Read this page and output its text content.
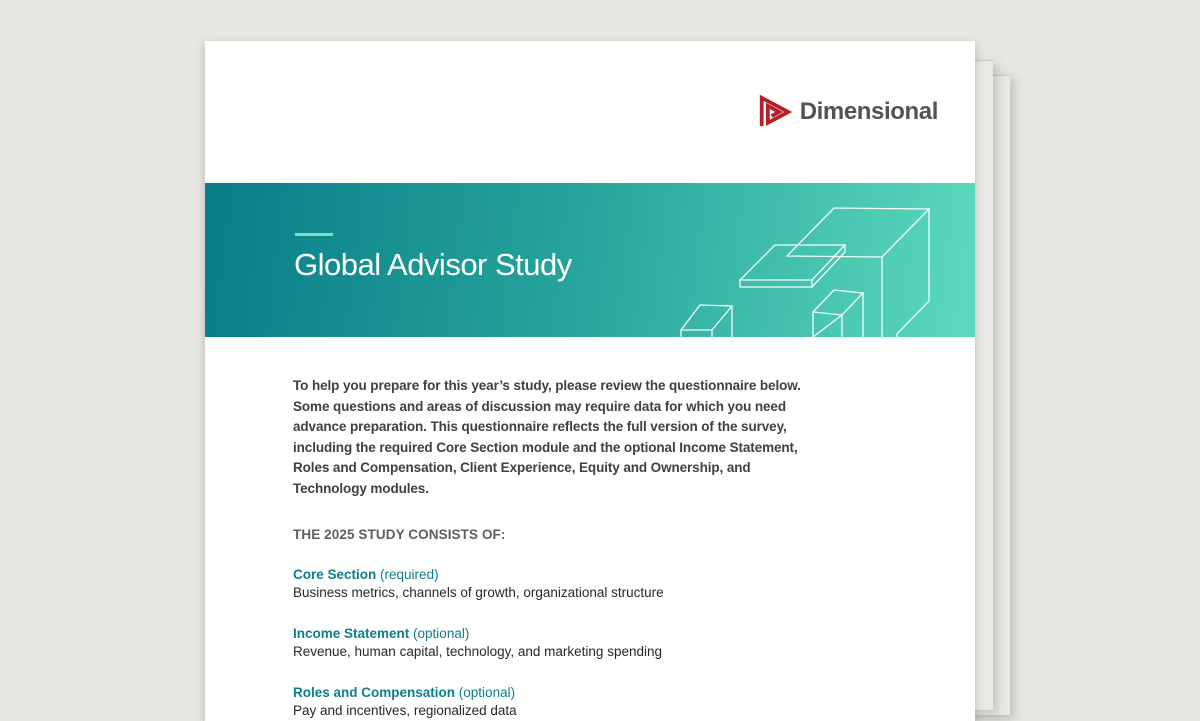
Dimensional
Global Advisor Study

To help you prepare for this year’s study, please review the questionnaire below. Some questions and areas of discussion may require data for which you need advance preparation. This questionnaire reflects the full version of the survey, including the required Core Section module and the optional Income Statement, Roles and Compensation, Client Experience, Equity and Ownership, and Technology modules.

THE 2025 STUDY CONSISTS OF:
Core Section (required)
Business metrics, channels of growth, organizational structure
Income Statement (optional)
Revenue, human capital, technology, and marketing spending
Roles and Compensation (optional)
Pay and incentives, regionalized data
